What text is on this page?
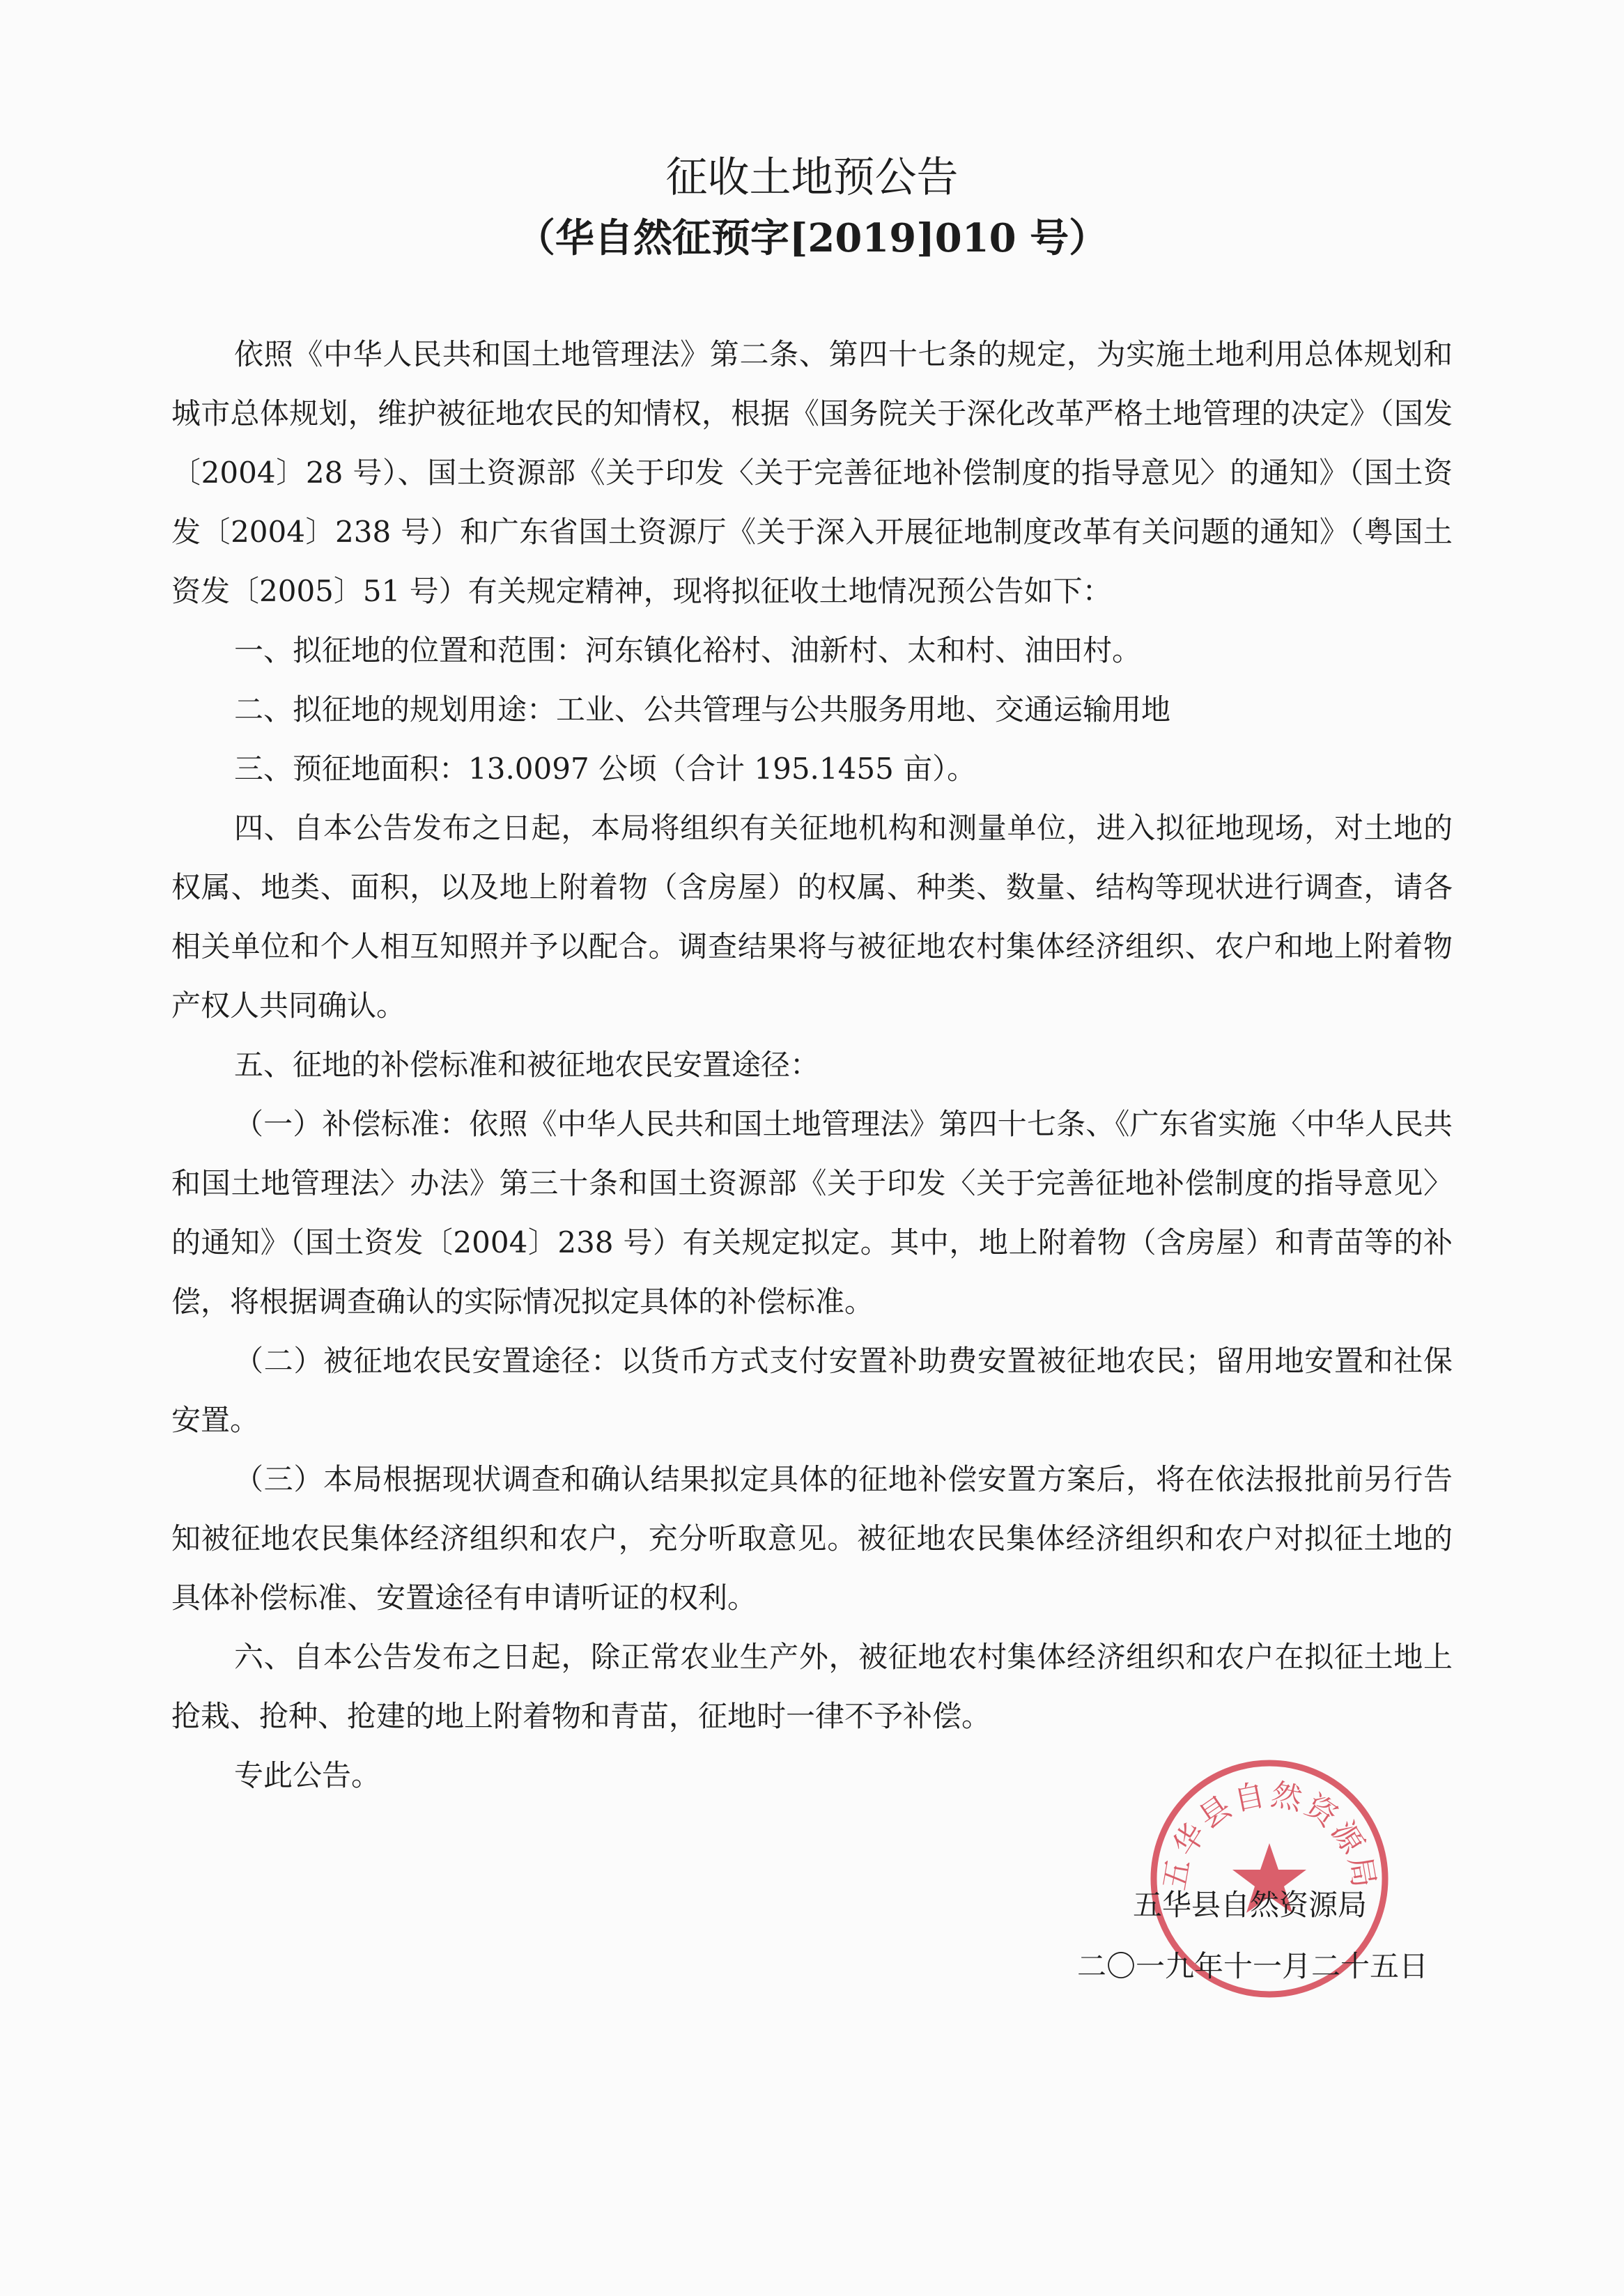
征收土地预公告
（华自然征预字[2019]010 号）

依照《中华人民共和国土地管理法》第二条、第四十七条的规定，为实施土地利用总体规划和城市总体规划，维护被征地农民的知情权，根据《国务院关于深化改革严格土地管理的决定》（国发〔2004〕28 号）、国土资源部《关于印发〈关于完善征地补偿制度的指导意见〉的通知》（国土资发〔2004〕238 号）和广东省国土资源厅《关于深入开展征地制度改革有关问题的通知》（粤国土资发〔2005〕51 号）有关规定精神，现将拟征收土地情况预公告如下：

一、拟征地的位置和范围：河东镇化裕村、油新村、太和村、油田村。

二、拟征地的规划用途：工业、公共管理与公共服务用地、交通运输用地

三、预征地面积：13.0097 公顷（合计 195.1455 亩）。

四、自本公告发布之日起，本局将组织有关征地机构和测量单位，进入拟征地现场，对土地的权属、地类、面积，以及地上附着物（含房屋）的权属、种类、数量、结构等现状进行调查，请各相关单位和个人相互知照并予以配合。调查结果将与被征地农村集体经济组织、农户和地上附着物产权人共同确认。

五、征地的补偿标准和被征地农民安置途径：

（一）补偿标准：依照《中华人民共和国土地管理法》第四十七条、《广东省实施〈中华人民共和国土地管理法〉办法》第三十条和国土资源部《关于印发〈关于完善征地补偿制度的指导意见〉的通知》（国土资发〔2004〕238 号）有关规定拟定。其中，地上附着物（含房屋）和青苗等的补偿，将根据调查确认的实际情况拟定具体的补偿标准。

（二）被征地农民安置途径：以货币方式支付安置补助费安置被征地农民；留用地安置和社保安置。

（三）本局根据现状调查和确认结果拟定具体的征地补偿安置方案后，将在依法报批前另行告知被征地农民集体经济组织和农户，充分听取意见。被征地农民集体经济组织和农户对拟征土地的具体补偿标准、安置途径有申请听证的权利。

六、自本公告发布之日起，除正常农业生产外，被征地农村集体经济组织和农户在拟征土地上抢栽、抢种、抢建的地上附着物和青苗，征地时一律不予补偿。

专此公告。

五华县自然资源局
五华县自然资源局
二〇一九年十一月二十五日
